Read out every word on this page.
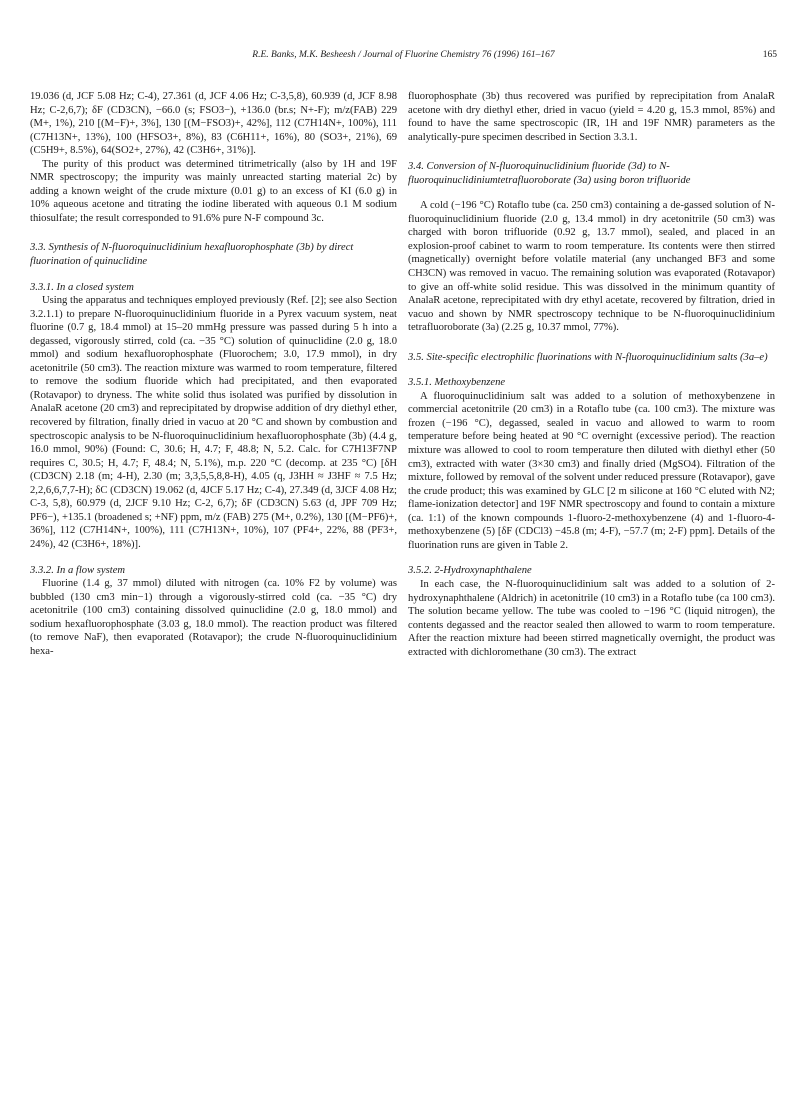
R.E. Banks, M.K. Besheesh / Journal of Fluorine Chemistry 76 (1996) 161–167	165

19.036 (d, JCF 5.08 Hz; C-4), 27.361 (d, JCF 4.06 Hz; C-3,5,8), 60.939 (d, JCF 8.98 Hz; C-2,6,7); δF (CD3CN), −66.0 (s; FSO3−), +136.0 (br.s; N+-F); m/z(FAB) 229 (M+, 1%), 210 [(M−F)+, 3%], 130 [(M−FSO3)+, 42%], 112 (C7H14N+, 100%), 111 (C7H13N+, 13%), 100 (HFSO3+, 8%), 83 (C6H11+, 16%), 80 (SO3+, 21%), 69 (C5H9+, 8.5%), 64(SO2+, 27%), 42 (C3H6+, 31%)].

The purity of this product was determined titrimetrically (also by 1H and 19F NMR spectroscopy; the impurity was mainly unreacted starting material 2c) by adding a known weight of the crude mixture (0.01 g) to an excess of KI (6.0 g) in 10% aqueous acetone and titrating the iodine liberated with aqueous 0.1 M sodium thiosulfate; the result corresponded to 91.6% pure N-F compound 3c.

3.3. Synthesis of N-fluoroquinuclidinium hexafluorophosphate (3b) by direct fluorination of quinuclidine
3.3.1. In a closed system

Using the apparatus and techniques employed previously (Ref. [2]; see also Section 3.2.1.1) to prepare N-fluoroquinuclidinium fluoride in a Pyrex vacuum system, neat fluorine (0.7 g, 18.4 mmol) at 15–20 mmHg pressure was passed during 5 h into a degassed, vigorously stirred, cold (ca. −35 °C) solution of quinuclidine (2.0 g, 18.0 mmol) and sodium hexafluorophosphate (Fluorochem; 3.0, 17.9 mmol), in dry acetonitrile (50 cm3). The reaction mixture was warmed to room temperature, filtered to remove the sodium fluoride which had precipitated, and then evaporated (Rotavapor) to dryness. The white solid thus isolated was purified by dissolution in AnalaR acetone (20 cm3) and reprecipitated by dropwise addition of dry diethyl ether, recovered by filtration, finally dried in vacuo at 20 °C and shown by combustion and spectroscopic analysis to be N-fluoroquinuclidinium hexafluorophosphate (3b) (4.4 g, 16.0 mmol, 90%) (Found: C, 30.6; H, 4.7; F, 48.8; N, 5.2. Calc. for C7H13F7NP requires C, 30.5; H, 4.7; F, 48.4; N, 5.1%), m.p. 220 °C (decomp. at 235 °C) [δH (CD3CN) 2.18 (m; 4-H), 2.30 (m; 3,3,5,5,8,8-H), 4.05 (q, J3HH ≈ J3HF ≈ 7.5 Hz; 2,2,6,6,7,7-H); δC (CD3CN) 19.062 (d, 4JCF 5.17 Hz; C-4), 27.349 (d, 3JCF 4.08 Hz; C-3, 5,8), 60.979 (d, 2JCF 9.10 Hz; C-2, 6,7); δF (CD3CN) 5.63 (d, JPF 709 Hz; PF6−), +135.1 (broadened s; +NF) ppm, m/z (FAB) 275 (M+, 0.2%), 130 [(M−PF6)+, 36%], 112 (C7H14N+, 100%), 111 (C7H13N+, 10%), 107 (PF4+, 22%, 88 (PF3+, 24%), 42 (C3H6+, 18%)].

3.3.2. In a flow system

Fluorine (1.4 g, 37 mmol) diluted with nitrogen (ca. 10% F2 by volume) was bubbled (130 cm3 min−1) through a vigorously-stirred cold (ca. −35 °C) dry acetonitrile (100 cm3) containing dissolved quinuclidine (2.0 g, 18.0 mmol) and sodium hexafluorophosphate (3.03 g, 18.0 mmol). The reaction product was filtered (to remove NaF), then evaporated (Rotavapor); the crude N-fluoroquinuclidinium hexa-

fluorophosphate (3b) thus recovered was purified by reprecipitation from AnalaR acetone with dry diethyl ether, dried in vacuo (yield = 4.20 g, 15.3 mmol, 85%) and found to have the same spectroscopic (IR, 1H and 19F NMR) parameters as the analytically-pure specimen described in Section 3.3.1.

3.4. Conversion of N-fluoroquinuclidinium fluoride (3d) to N-fluoroquinuclidiniumtetrafluoroborate (3a) using boron trifluoride

A cold (−196 °C) Rotaflo tube (ca. 250 cm3) containing a de-gassed solution of N-fluoroquinuclidinium fluoride (2.0 g, 13.4 mmol) in dry acetonitrile (50 cm3) was charged with boron trifluoride (0.92 g, 13.7 mmol), sealed, and placed in an explosion-proof cabinet to warm to room temperature. Its contents were then stirred (magnetically) overnight before volatile material (any unchanged BF3 and some CH3CN) was removed in vacuo. The remaining solution was evaporated (Rotavapor) to give an off-white solid residue. This was dissolved in the minimum quantity of AnalaR acetone, reprecipitated with dry ethyl acetate, recovered by filtration, dried in vacuo and shown by NMR spectroscopy technique to be N-fluoroquinuclidinium tetrafluoroborate (3a) (2.25 g, 10.37 mmol, 77%).

3.5. Site-specific electrophilic fluorinations with N-fluoroquinuclidinium salts (3a–e)
3.5.1. Methoxybenzene

A fluoroquinuclidinium salt was added to a solution of methoxybenzene in commercial acetonitrile (20 cm3) in a Rotaflo tube (ca. 100 cm3). The mixture was frozen (−196 °C), degassed, sealed in vacuo and allowed to warm to room temperature before being heated at 90 °C overnight (excessive period). The reaction mixture was allowed to cool to room temperature then diluted with diethyl ether (50 cm3), extracted with water (3×30 cm3) and finally dried (MgSO4). Filtration of the mixture, followed by removal of the solvent under reduced pressure (Rotavapor), gave the crude product; this was examined by GLC [2 m silicone at 160 °C eluted with N2; flame-ionization detector] and 19F NMR spectroscopy and found to contain a mixture (ca. 1:1) of the known compounds 1-fluoro-2-methoxybenzene (4) and 1-fluoro-4-methoxybenzene (5) [δF (CDCl3) −45.8 (m; 4-F), −57.7 (m; 2-F) ppm]. Details of the fluorination runs are given in Table 2.

3.5.2. 2-Hydroxynaphthalene

In each case, the N-fluoroquinuclidinium salt was added to a solution of 2-hydroxynaphthalene (Aldrich) in acetonitrile (10 cm3) in a Rotaflo tube (ca 100 cm3). The solution became yellow. The tube was cooled to −196 °C (liquid nitrogen), the contents degassed and the reactor sealed then allowed to warm to room temperature. After the reaction mixture had beeen stirred magnetically overnight, the product was extracted with dichloromethane (30 cm3). The extract
